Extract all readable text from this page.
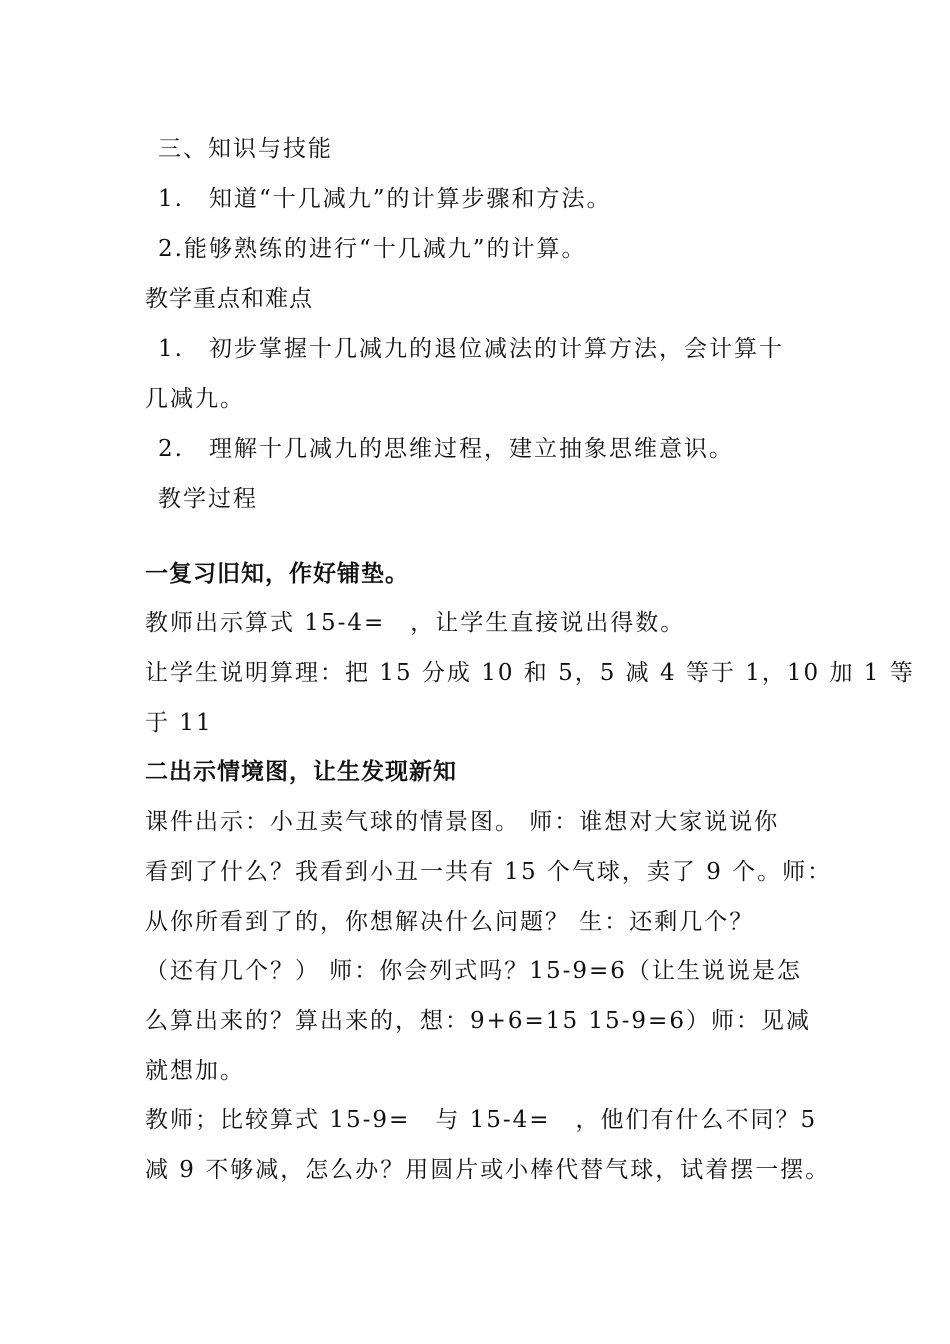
三、知识与技能
1.　知道“十几减九”的计算步骤和方法。
2.能够熟练的进行“十几减九”的计算。
教学重点和难点
1.　初步掌握十几减九的退位减法的计算方法，会计算十
几减九。
2.　理解十几减九的思维过程，建立抽象思维意识。
教学过程
一复习旧知，作好铺垫。
教师出示算式 15-4=　，让学生直接说出得数。
让学生说明算理：把 15 分成 10 和 5，5 减 4 等于 1，10 加 1 等
于 11
二出示情境图，让生发现新知
课件出示：小丑卖气球的情景图。 师：谁想对大家说说你
看到了什么？我看到小丑一共有 15 个气球，卖了 9 个。师：
从你所看到了的，你想解决什么问题？ 生：还剩几个？
（还有几个？） 师：你会列式吗？15-9=6（让生说说是怎
么算出来的？算出来的，想：9+6=15 15-9=6）师：见减
就想加。
教师；比较算式 15-9=　与 15-4=　，他们有什么不同？5
减 9 不够减，怎么办？用圆片或小棒代替气球，试着摆一摆。
